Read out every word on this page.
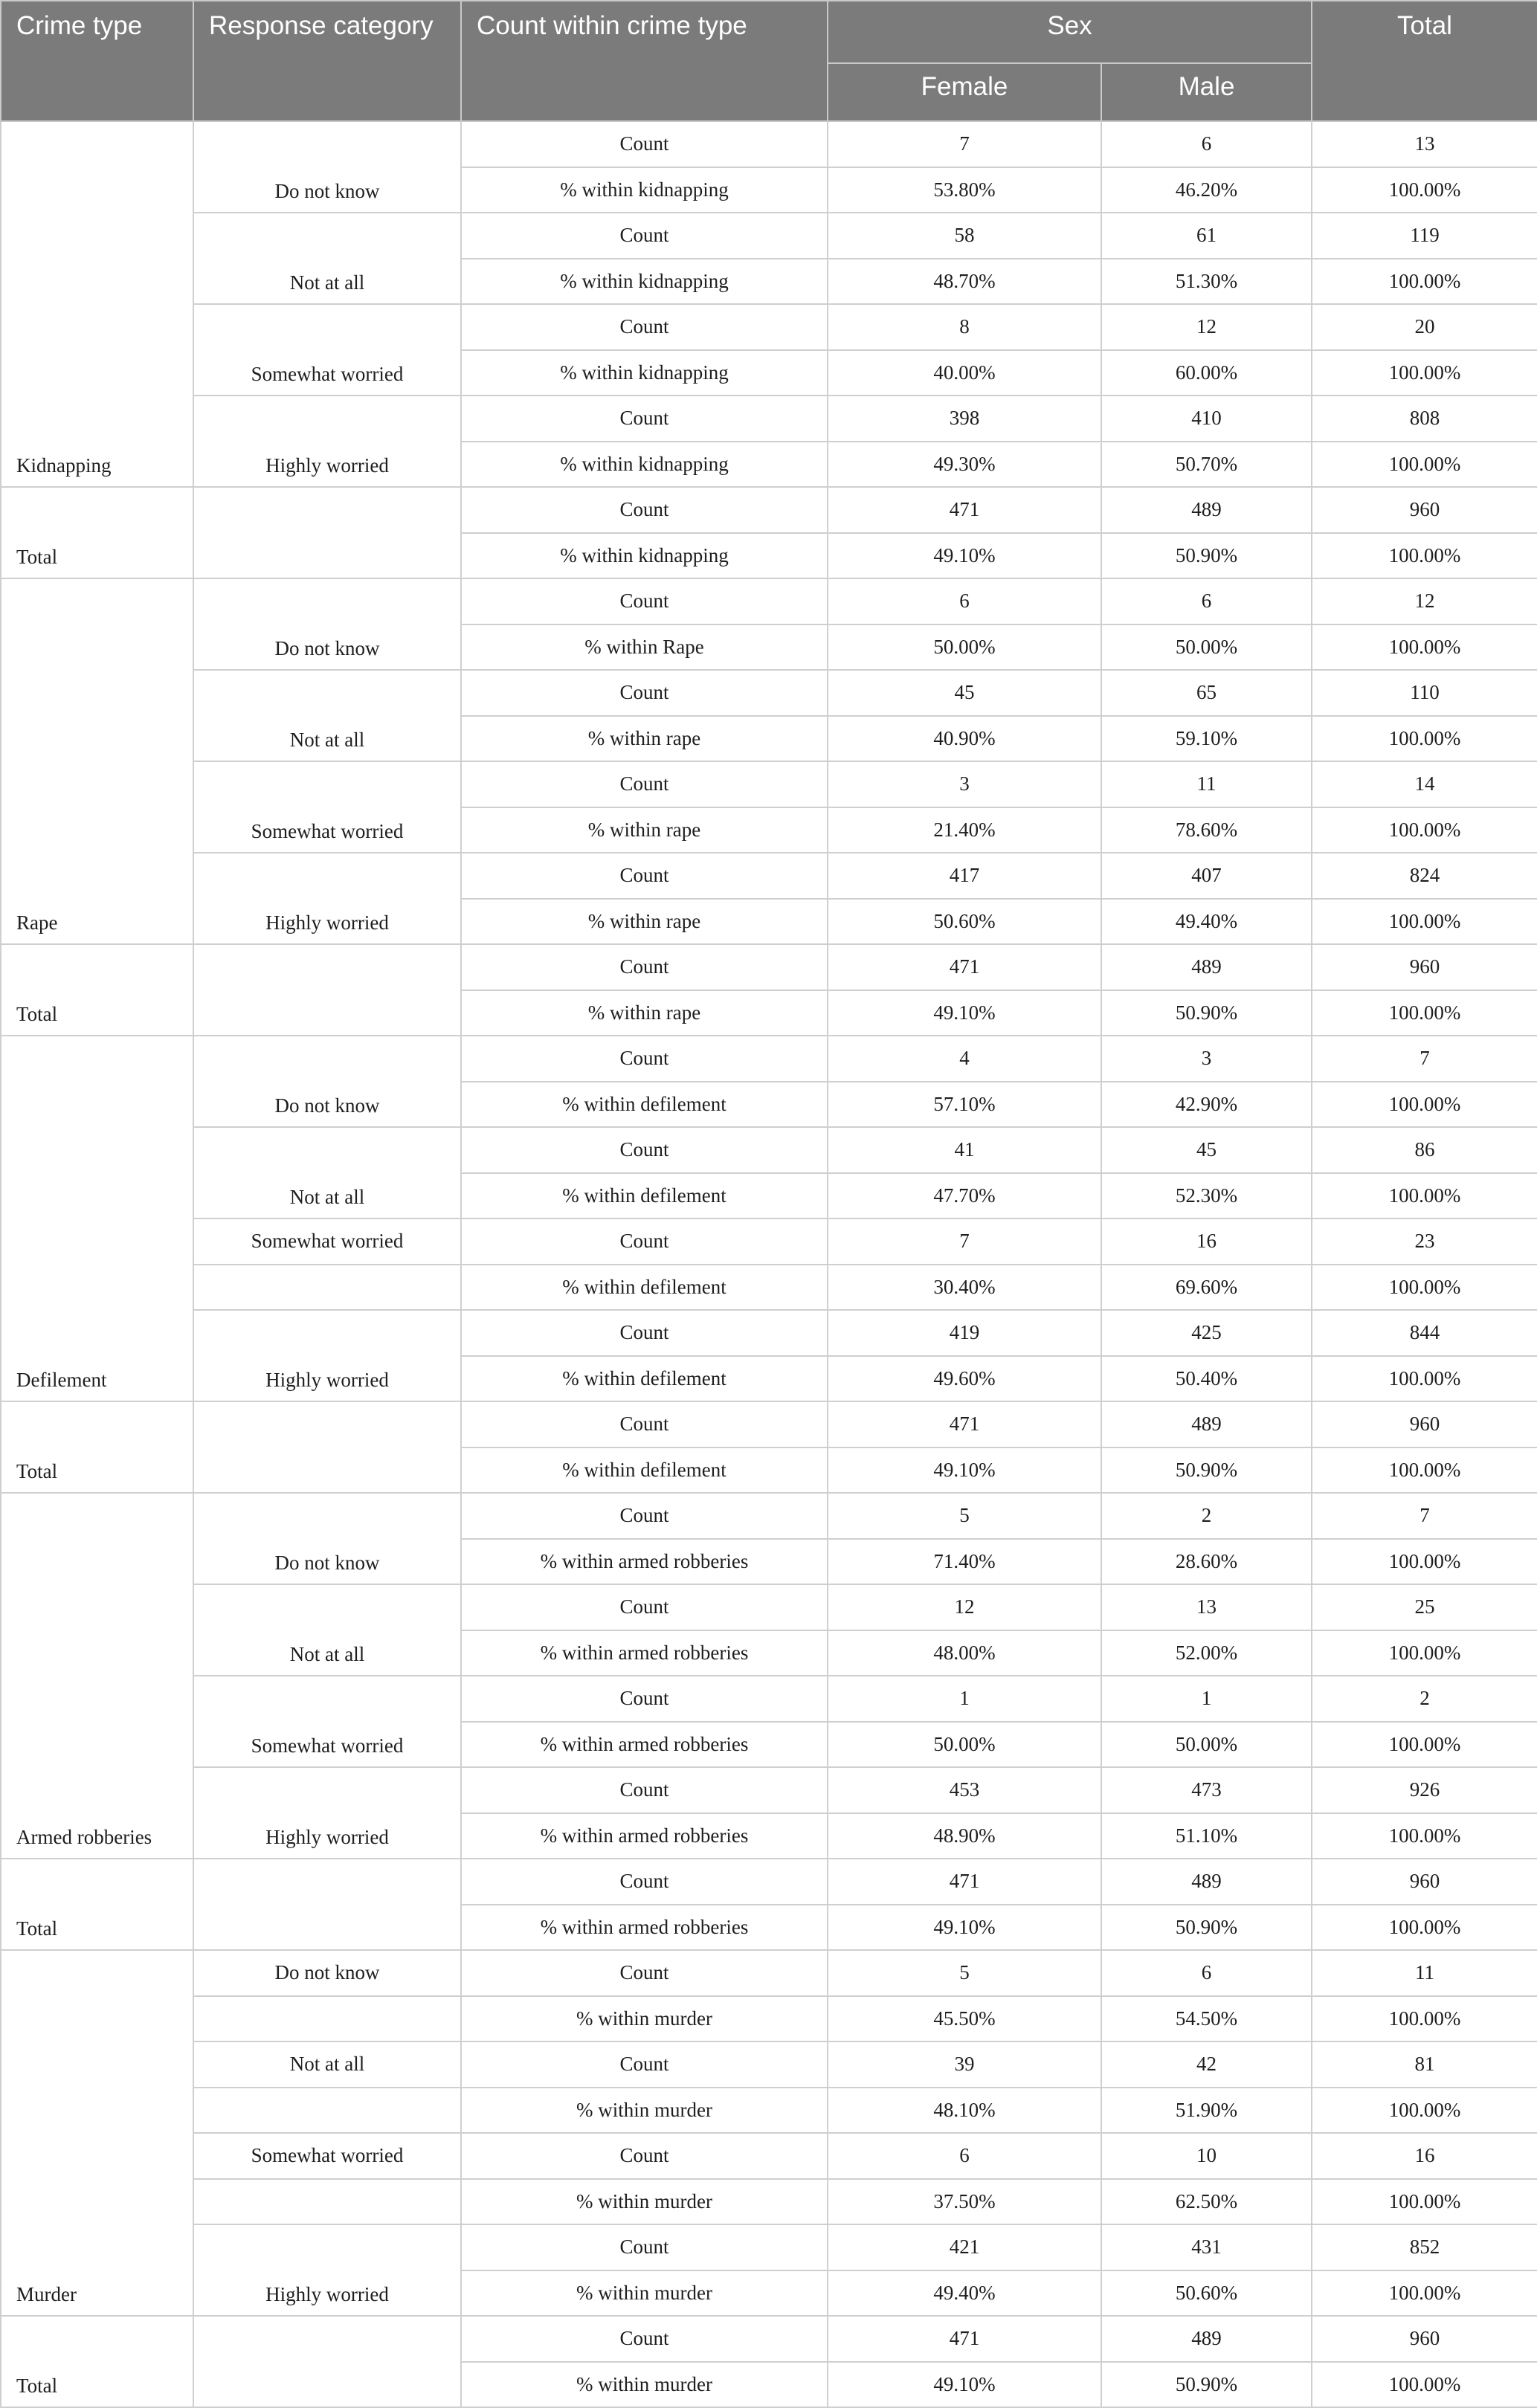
Crime type	Response category	Count within crime type	Sex		Total
			Female	Male	
Kidnapping	Do not know	Count	7	6	13
		% within kidnapping	53.80%	46.20%	100.00%
	Not at all	Count	58	61	119
		% within kidnapping	48.70%	51.30%	100.00%
	Somewhat worried	Count	8	12	20
		% within kidnapping	40.00%	60.00%	100.00%
	Highly worried	Count	398	410	808
		% within kidnapping	49.30%	50.70%	100.00%
Total		Count	471	489	960
		% within kidnapping	49.10%	50.90%	100.00%
Rape	Do not know	Count	6	6	12
		% within Rape	50.00%	50.00%	100.00%
	Not at all	Count	45	65	110
		% within rape	40.90%	59.10%	100.00%
	Somewhat worried	Count	3	11	14
		% within rape	21.40%	78.60%	100.00%
	Highly worried	Count	417	407	824
		% within rape	50.60%	49.40%	100.00%
Total		Count	471	489	960
		% within rape	49.10%	50.90%	100.00%
Defilement	Do not know	Count	4	3	7
		% within defilement	57.10%	42.90%	100.00%
	Not at all	Count	41	45	86
		% within defilement	47.70%	52.30%	100.00%
	Somewhat worried	Count	7	16	23
		% within defilement	30.40%	69.60%	100.00%
	Highly worried	Count	419	425	844
		% within defilement	49.60%	50.40%	100.00%
Total		Count	471	489	960
		% within defilement	49.10%	50.90%	100.00%
Armed robberies	Do not know	Count	5	2	7
		% within armed robberies	71.40%	28.60%	100.00%
	Not at all	Count	12	13	25
		% within armed robberies	48.00%	52.00%	100.00%
	Somewhat worried	Count	1	1	2
		% within armed robberies	50.00%	50.00%	100.00%
	Highly worried	Count	453	473	926
		% within armed robberies	48.90%	51.10%	100.00%
Total		Count	471	489	960
		% within armed robberies	49.10%	50.90%	100.00%
Murder	Do not know	Count	5	6	11
		% within murder	45.50%	54.50%	100.00%
	Not at all	Count	39	42	81
		% within murder	48.10%	51.90%	100.00%
	Somewhat worried	Count	6	10	16
		% within murder	37.50%	62.50%	100.00%
	Highly worried	Count	421	431	852
		% within murder	49.40%	50.60%	100.00%
Total		Count	471	489	960
		% within murder	49.10%	50.90%	100.00%
